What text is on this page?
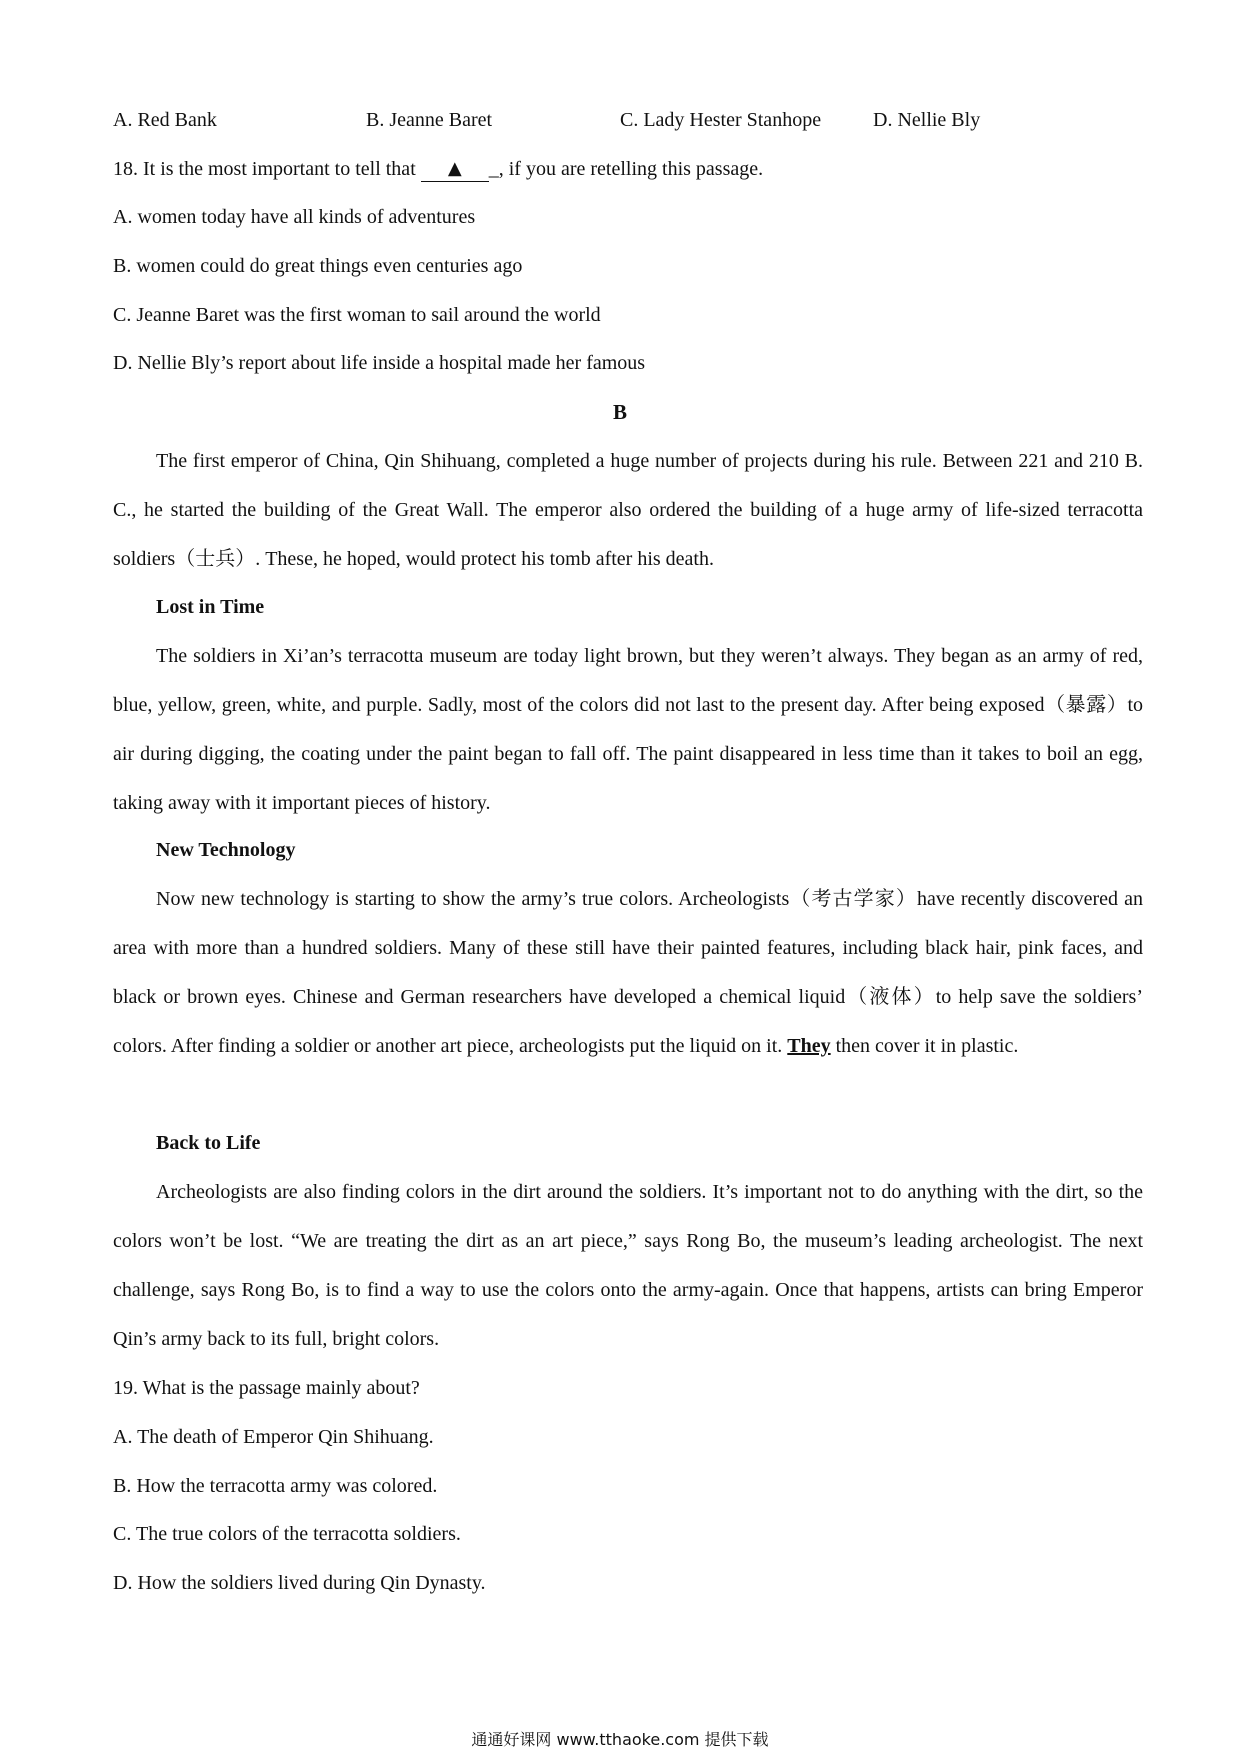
A. Red Bank	B. Jeanne Baret	C. Lady Hester Stanhope	D. Nellie Bly
18. It is the most important to tell that ▲ _, if you are retelling this passage.
A. women today have all kinds of adventures
B. women could do great things even centuries ago
C. Jeanne Baret was the first woman to sail around the world
D. Nellie Bly’s report about life inside a hospital made her famous
B
The first emperor of China, Qin Shihuang, completed a huge number of projects during his rule. Between 221 and 210 B. C., he started the building of the Great Wall. The emperor also ordered the building of a huge army of life-sized terracotta soldiers（士兵）. These, he hoped, would protect his tomb after his death.
Lost in Time
The soldiers in Xi’an’s terracotta museum are today light brown, but they weren’t always. They began as an army of red, blue, yellow, green, white, and purple. Sadly, most of the colors did not last to the present day. After being exposed（暴露）to air during digging, the coating under the paint began to fall off. The paint disappeared in less time than it takes to boil an egg, taking away with it important pieces of history.
New Technology
Now new technology is starting to show the army’s true colors. Archeologists（考古学家）have recently discovered an area with more than a hundred soldiers. Many of these still have their painted features, including black hair, pink faces, and black or brown eyes. Chinese and German researchers have developed a chemical liquid（液体）to help save the soldiers’ colors. After finding a soldier or another art piece, archeologists put the liquid on it. They then cover it in plastic.
Back to Life
Archeologists are also finding colors in the dirt around the soldiers. It’s important not to do anything with the dirt, so the colors won’t be lost. “We are treating the dirt as an art piece,” says Rong Bo, the museum’s leading archeologist. The next challenge, says Rong Bo, is to find a way to use the colors onto the army-again. Once that happens, artists can bring Emperor Qin’s army back to its full, bright colors.
19. What is the passage mainly about?
A. The death of Emperor Qin Shihuang.
B. How the terracotta army was colored.
C. The true colors of the terracotta soldiers.
D. How the soldiers lived during Qin Dynasty.
通通好课网 www.tthaoke.com 提供下载
